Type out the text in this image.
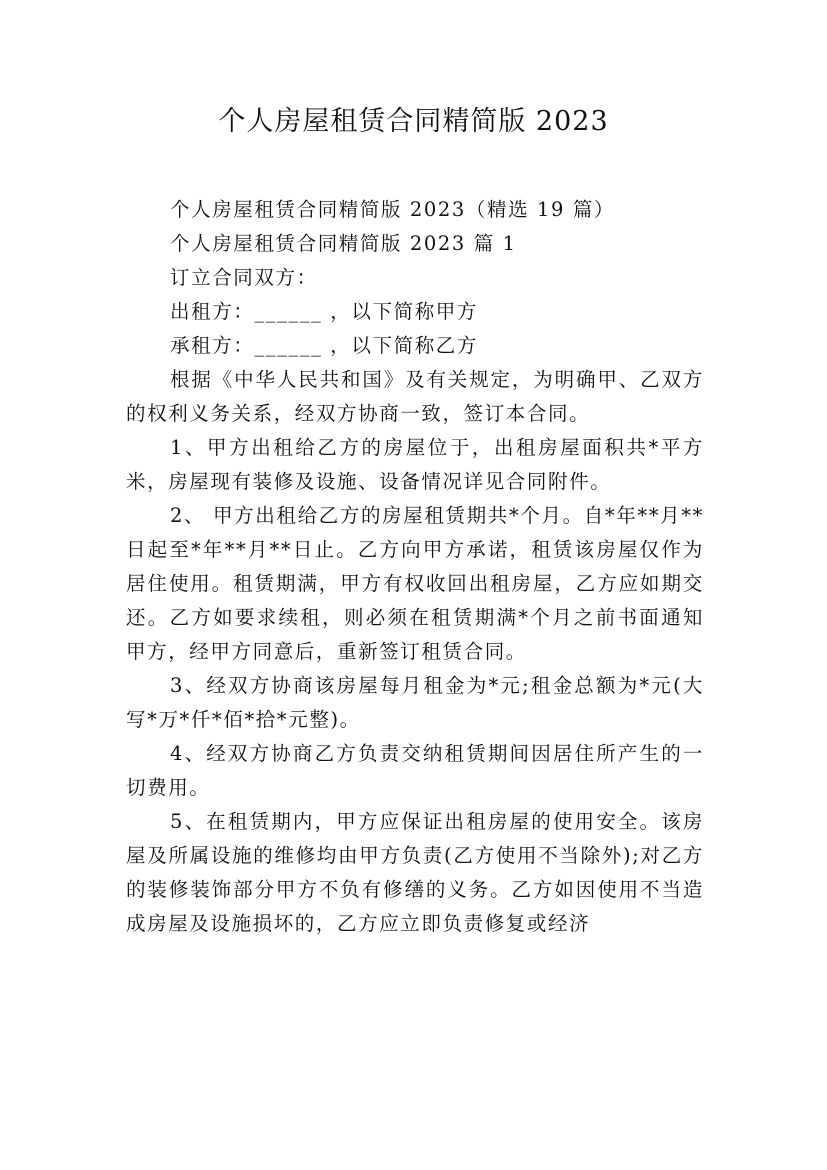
个人房屋租赁合同精简版 2023

个人房屋租赁合同精简版 2023（精选 19 篇）

个人房屋租赁合同精简版 2023 篇 1

订立合同双方：

出租方：______ ，以下简称甲方

承租方：______ ，以下简称乙方

根据《中华人民共和国》及有关规定，为明确甲、乙双方的权利义务关系，经双方协商一致，签订本合同。

1、甲方出租给乙方的房屋位于，出租房屋面积共*平方米，房屋现有装修及设施、设备情况详见合同附件。

2、 甲方出租给乙方的房屋租赁期共*个月。自*年**月**日起至*年**月**日止。乙方向甲方承诺，租赁该房屋仅作为居住使用。租赁期满，甲方有权收回出租房屋，乙方应如期交还。乙方如要求续租，则必须在租赁期满*个月之前书面通知甲方，经甲方同意后，重新签订租赁合同。

3、经双方协商该房屋每月租金为*元;租金总额为*元(大写*万*仟*佰*拾*元整)。

4、经双方协商乙方负责交纳租赁期间因居住所产生的一切费用。

5、在租赁期内，甲方应保证出租房屋的使用安全。该房屋及所属设施的维修均由甲方负责(乙方使用不当除外);对乙方的装修装饰部分甲方不负有修缮的义务。乙方如因使用不当造成房屋及设施损坏的，乙方应立即负责修复或经济
